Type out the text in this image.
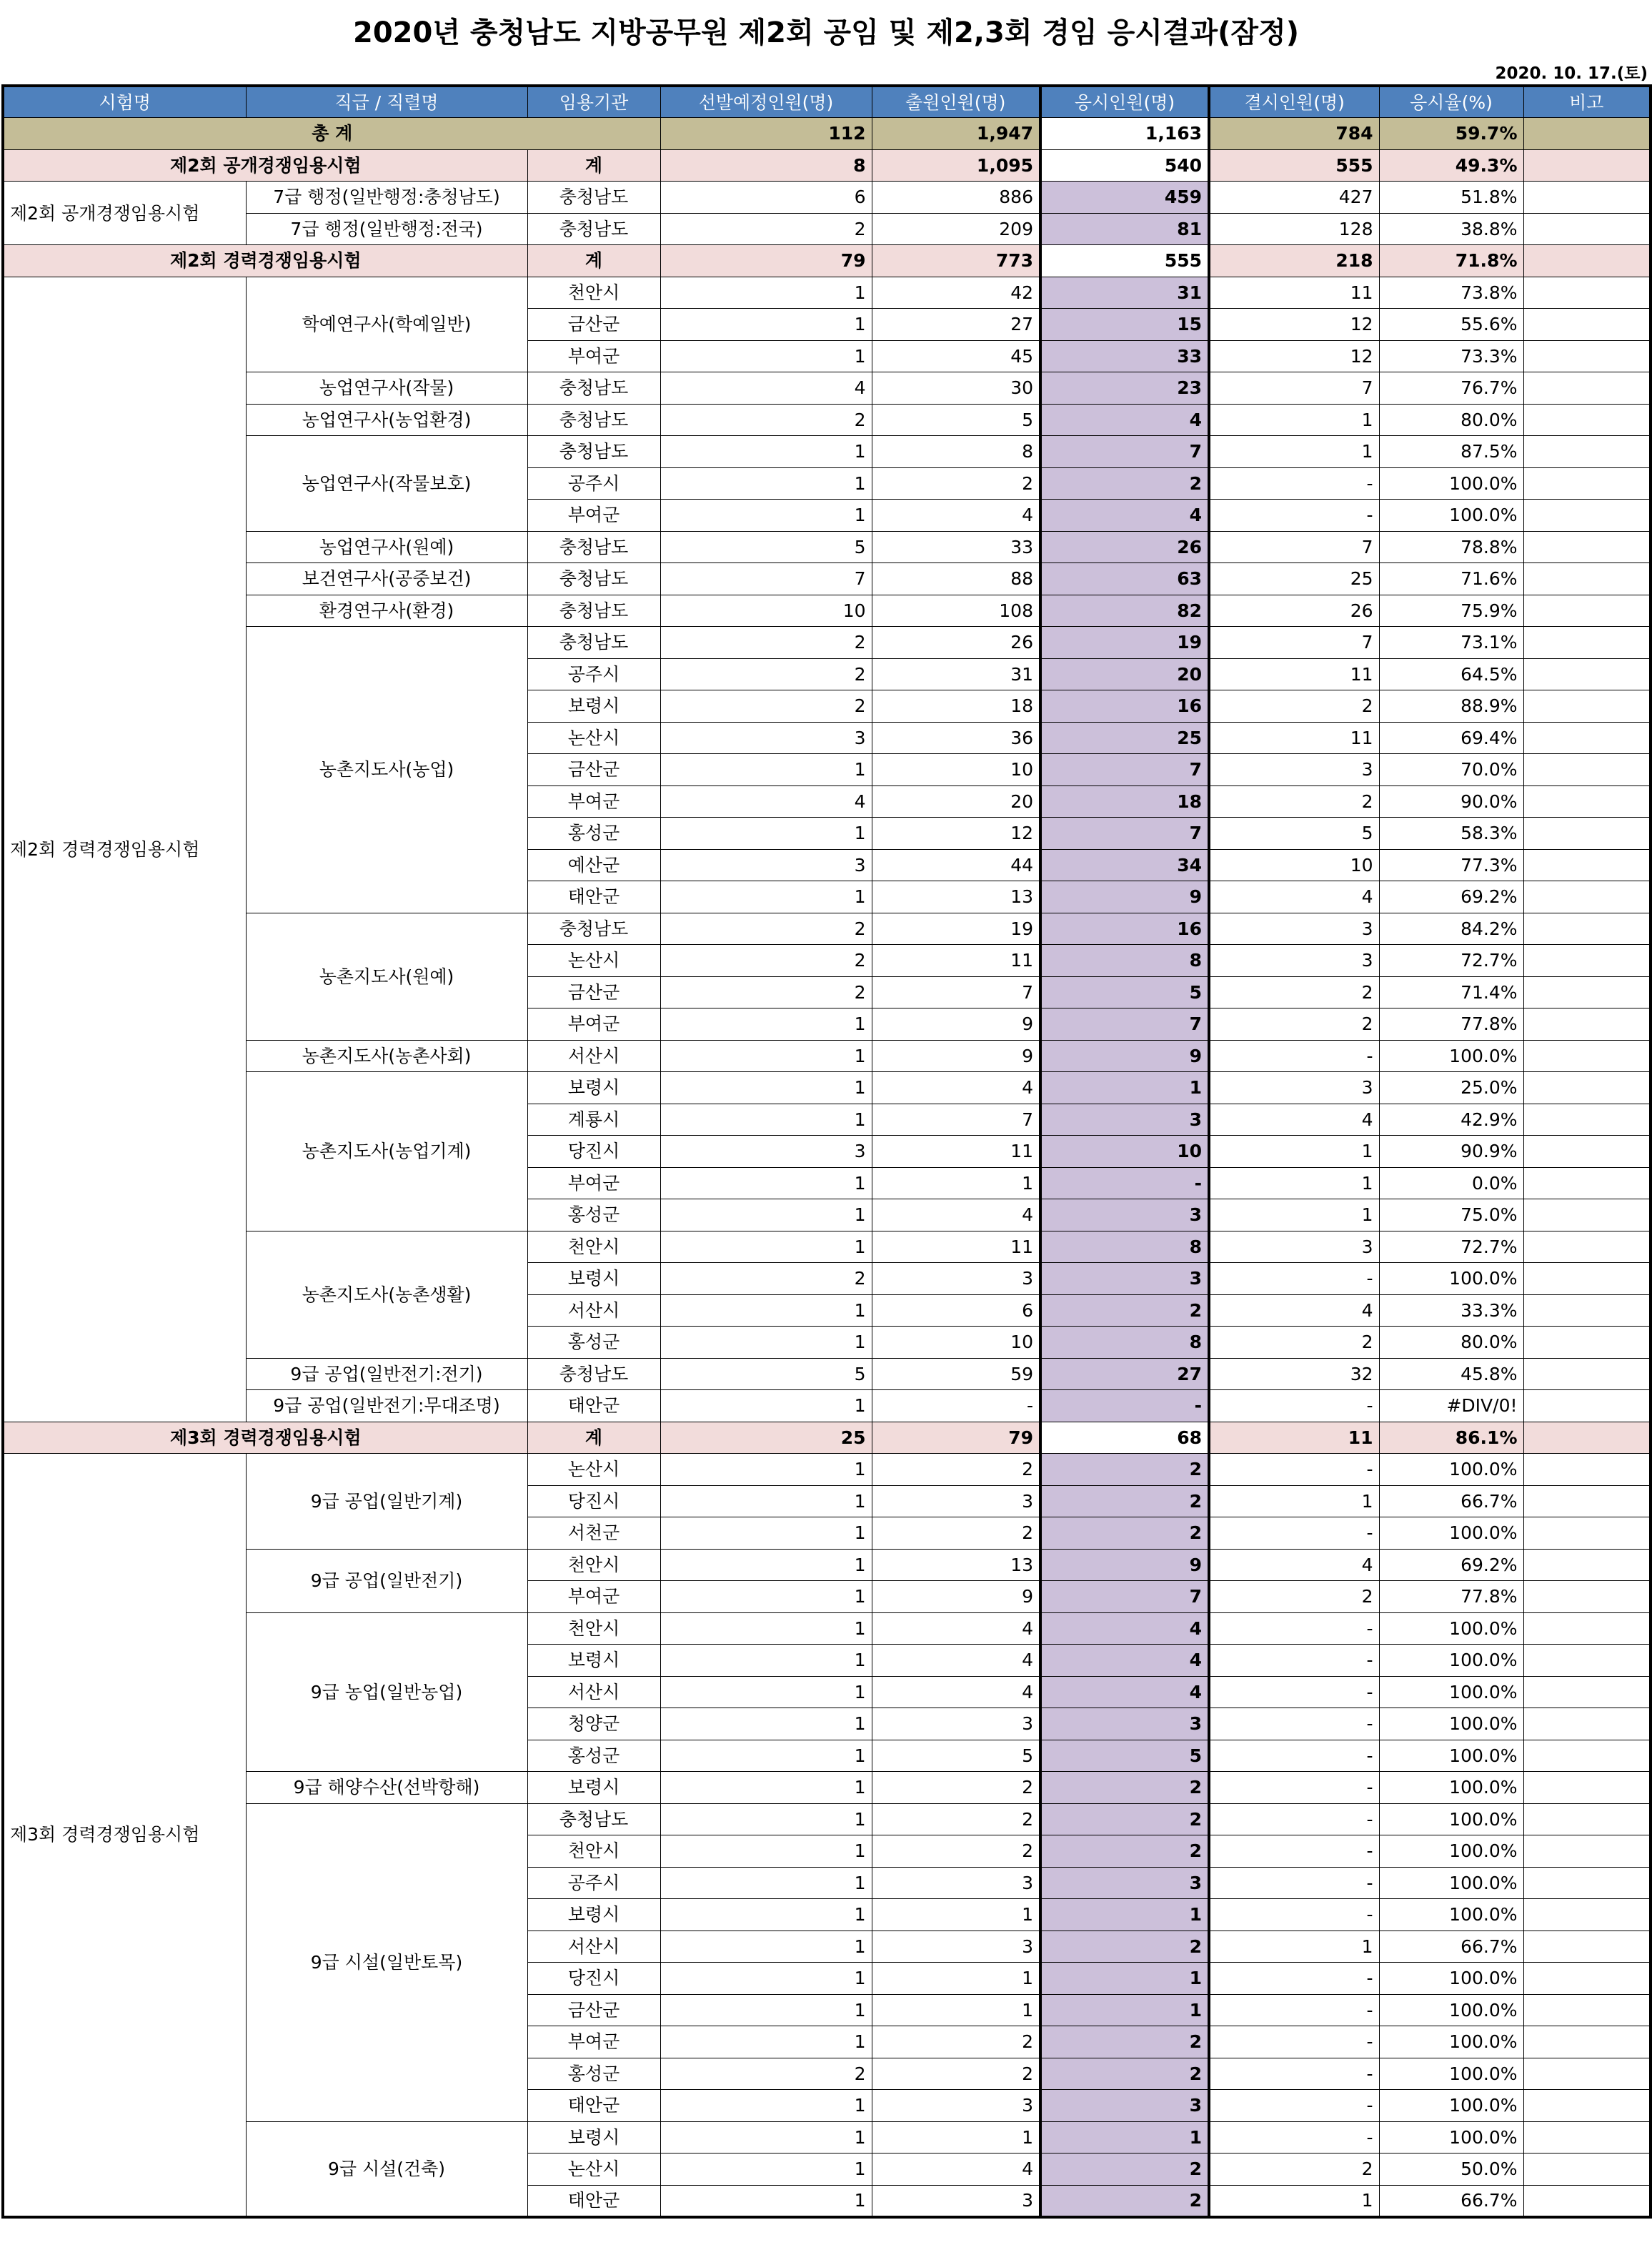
2020년 충청남도 지방공무원 제2회 공임 및 제2,3회 경임 응시결과(잠정)
2020. 10. 17.(토)
시험명	직급 / 직렬명	임용기관	선발예정인원(명)	출원인원(명)	응시인원(명)	결시인원(명)	응시율(%)	비고
총 계			112	1,947	1,163	784	59.7%	
제2회 공개경쟁임용시험		계	8	1,095	540	555	49.3%	
제2회 공개경쟁임용시험	7급 행정(일반행정:충청남도)	충청남도	6	886	459	427	51.8%	
	7급 행정(일반행정:전국)	충청남도	2	209	81	128	38.8%	
제2회 경력경쟁임용시험		계	79	773	555	218	71.8%	
제2회 경력경쟁임용시험	학예연구사(학예일반)	천안시	1	42	31	11	73.8%	
		금산군	1	27	15	12	55.6%	
		부여군	1	45	33	12	73.3%	
	농업연구사(작물)	충청남도	4	30	23	7	76.7%	
	농업연구사(농업환경)	충청남도	2	5	4	1	80.0%	
	농업연구사(작물보호)	충청남도	1	8	7	1	87.5%	
		공주시	1	2	2	-	100.0%	
		부여군	1	4	4	-	100.0%	
	농업연구사(원예)	충청남도	5	33	26	7	78.8%	
	보건연구사(공중보건)	충청남도	7	88	63	25	71.6%	
	환경연구사(환경)	충청남도	10	108	82	26	75.9%	
	농촌지도사(농업)	충청남도	2	26	19	7	73.1%	
		공주시	2	31	20	11	64.5%	
		보령시	2	18	16	2	88.9%	
		논산시	3	36	25	11	69.4%	
		금산군	1	10	7	3	70.0%	
		부여군	4	20	18	2	90.0%	
		홍성군	1	12	7	5	58.3%	
		예산군	3	44	34	10	77.3%	
		태안군	1	13	9	4	69.2%	
	농촌지도사(원예)	충청남도	2	19	16	3	84.2%	
		논산시	2	11	8	3	72.7%	
		금산군	2	7	5	2	71.4%	
		부여군	1	9	7	2	77.8%	
	농촌지도사(농촌사회)	서산시	1	9	9	-	100.0%	
	농촌지도사(농업기계)	보령시	1	4	1	3	25.0%	
		계룡시	1	7	3	4	42.9%	
		당진시	3	11	10	1	90.9%	
		부여군	1	1	-	1	0.0%	
		홍성군	1	4	3	1	75.0%	
	농촌지도사(농촌생활)	천안시	1	11	8	3	72.7%	
		보령시	2	3	3	-	100.0%	
		서산시	1	6	2	4	33.3%	
		홍성군	1	10	8	2	80.0%	
	9급 공업(일반전기:전기)	충청남도	5	59	27	32	45.8%	
	9급 공업(일반전기:무대조명)	태안군	1	-	-	-	#DIV/0!	
제3회 경력경쟁임용시험		계	25	79	68	11	86.1%	
제3회 경력경쟁임용시험	9급 공업(일반기계)	논산시	1	2	2	-	100.0%	
		당진시	1	3	2	1	66.7%	
		서천군	1	2	2	-	100.0%	
	9급 공업(일반전기)	천안시	1	13	9	4	69.2%	
		부여군	1	9	7	2	77.8%	
	9급 농업(일반농업)	천안시	1	4	4	-	100.0%	
		보령시	1	4	4	-	100.0%	
		서산시	1	4	4	-	100.0%	
		청양군	1	3	3	-	100.0%	
		홍성군	1	5	5	-	100.0%	
	9급 해양수산(선박항해)	보령시	1	2	2	-	100.0%	
	9급 시설(일반토목)	충청남도	1	2	2	-	100.0%	
		천안시	1	2	2	-	100.0%	
		공주시	1	3	3	-	100.0%	
		보령시	1	1	1	-	100.0%	
		서산시	1	3	2	1	66.7%	
		당진시	1	1	1	-	100.0%	
		금산군	1	1	1	-	100.0%	
		부여군	1	2	2	-	100.0%	
		홍성군	2	2	2	-	100.0%	
		태안군	1	3	3	-	100.0%	
	9급 시설(건축)	보령시	1	1	1	-	100.0%	
		논산시	1	4	2	2	50.0%	
		태안군	1	3	2	1	66.7%	
